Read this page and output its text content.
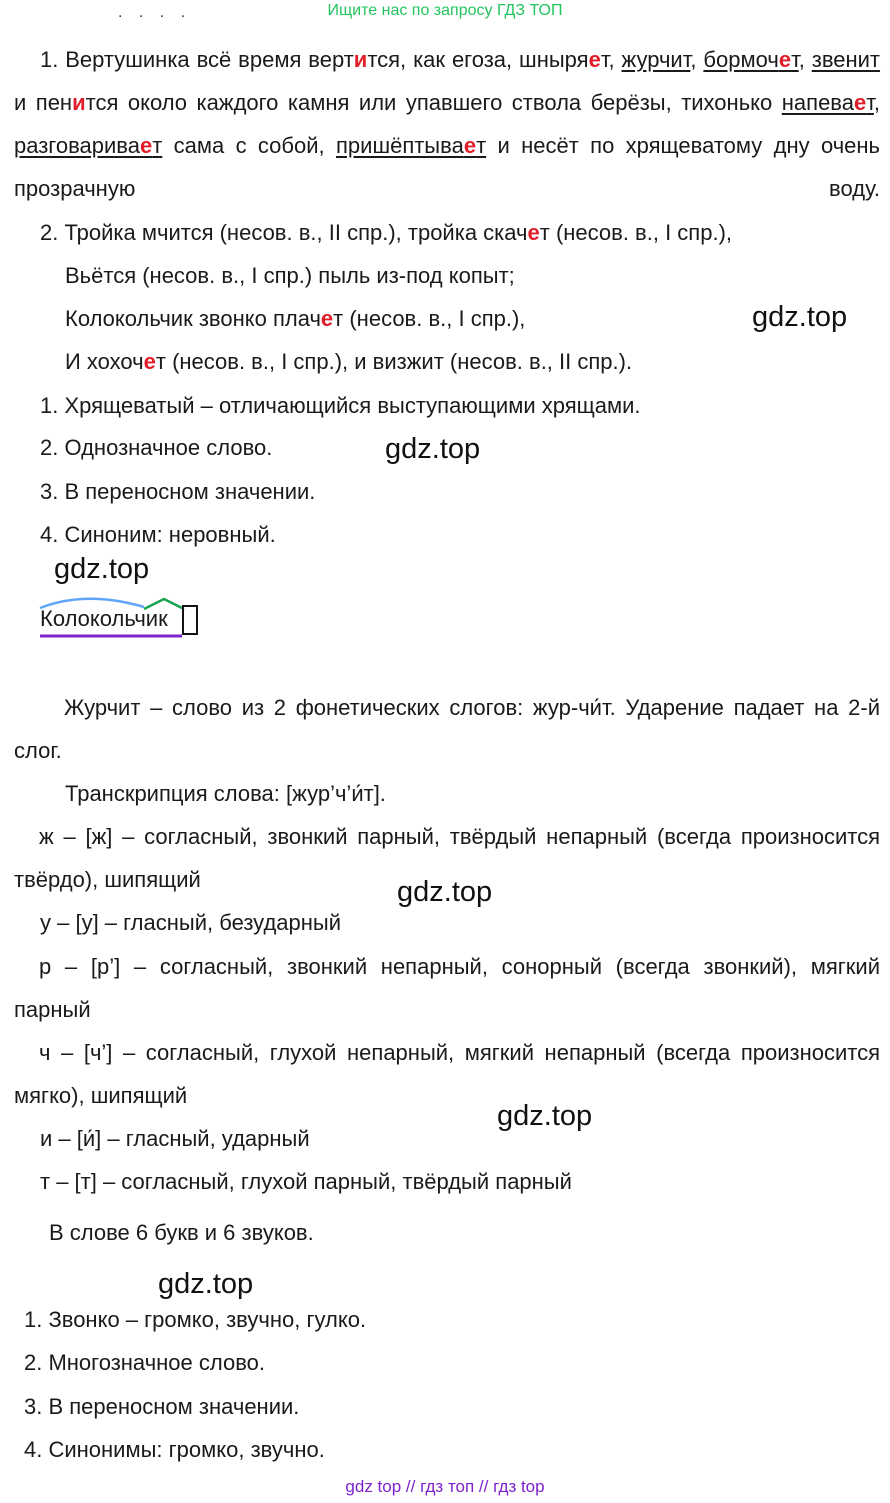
Ищите нас по запросу ГДЗ ТОП
. . . .
1. Вертушинка всё время вертится, как егоза, шныряет, журчит, бормочет, звенит и пенится около каждого камня или упавшего ствола берёзы, тихонько напевает, разговаривает сама с собой, пришёптывает и несёт по хрящеватому дну очень прозрачную воду.
2. Тройка мчится (несов. в., II спр.), тройка скачет (несов. в., I спр.),
Вьётся (несов. в., I спр.) пыль из-под копыт;
Колокольчик звонко плачет (несов. в., I спр.),
И хохочет (несов. в., I спр.), и визжит (несов. в., II спр.).
gdz.top
1. Хрящеватый – отличающийся выступающими хрящами.
2. Однозначное слово.	gdz.top
3. В переносном значении.
4. Синоним: неровный.
gdz.top
Колокольчик
Журчит – слово из 2 фонетических слогов: жур-чи́т. Ударение падает на 2-й слог.
Транскрипция слова: [жур’ч’и́т].
ж – [ж] – согласный, звонкий парный, твёрдый непарный (всегда произносится твёрдо), шипящий	gdz.top
у – [у] – гласный, безударный
р – [р’] – согласный, звонкий непарный, сонорный (всегда звонкий), мягкий парный
ч – [ч’] – согласный, глухой непарный, мягкий непарный (всегда произносится мягко), шипящий
gdz.top
и – [и́] – гласный, ударный
т – [т] – согласный, глухой парный, твёрдый парный
В слове 6 букв и 6 звуков.
gdz.top
1. Звонко – громко, звучно, гулко.
2. Многозначное слово.
3. В переносном значении.
4. Синонимы: громко, звучно.
gdz top // гдз топ // гдз top
